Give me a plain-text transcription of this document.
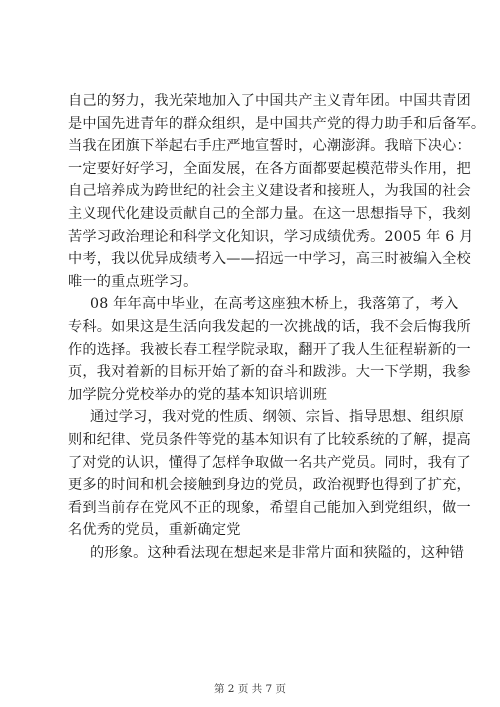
自己的努力，我光荣地加入了中国共产主义青年团。中国共青团
是中国先进青年的群众组织，是中国共产党的得力助手和后备军。
当我在团旗下举起右手庄严地宣誓时，心潮澎湃。我暗下决心：
一定要好好学习，全面发展，在各方面都要起模范带头作用，把
自己培养成为跨世纪的社会主义建设者和接班人，为我国的社会
主义现代化建设贡献自己的全部力量。在这一思想指导下，我刻
苦学习政治理论和科学文化知识，学习成绩优秀。2005 年 6 月
中考，我以优异成绩考入——招远一中学习，高三时被编入全校
唯一的重点班学习。
08 年年高中毕业，在高考这座独木桥上，我落第了，考入
专科。如果这是生活向我发起的一次挑战的话，我不会后悔我所
作的选择。我被长春工程学院录取，翻开了我人生征程崭新的一
页，我对着新的目标开始了新的奋斗和跋涉。大一下学期，我参
加学院分党校举办的党的基本知识培训班
通过学习，我对党的性质、纲领、宗旨、指导思想、组织原
则和纪律、党员条件等党的基本知识有了比较系统的了解，提高
了对党的认识，懂得了怎样争取做一名共产党员。同时，我有了
更多的时间和机会接触到身边的党员，政治视野也得到了扩充，
看到当前存在党风不正的现象，希望自己能加入到党组织，做一
名优秀的党员，重新确定党
的形象。这种看法现在想起来是非常片面和狭隘的，这种错
第 2 页 共 7 页
